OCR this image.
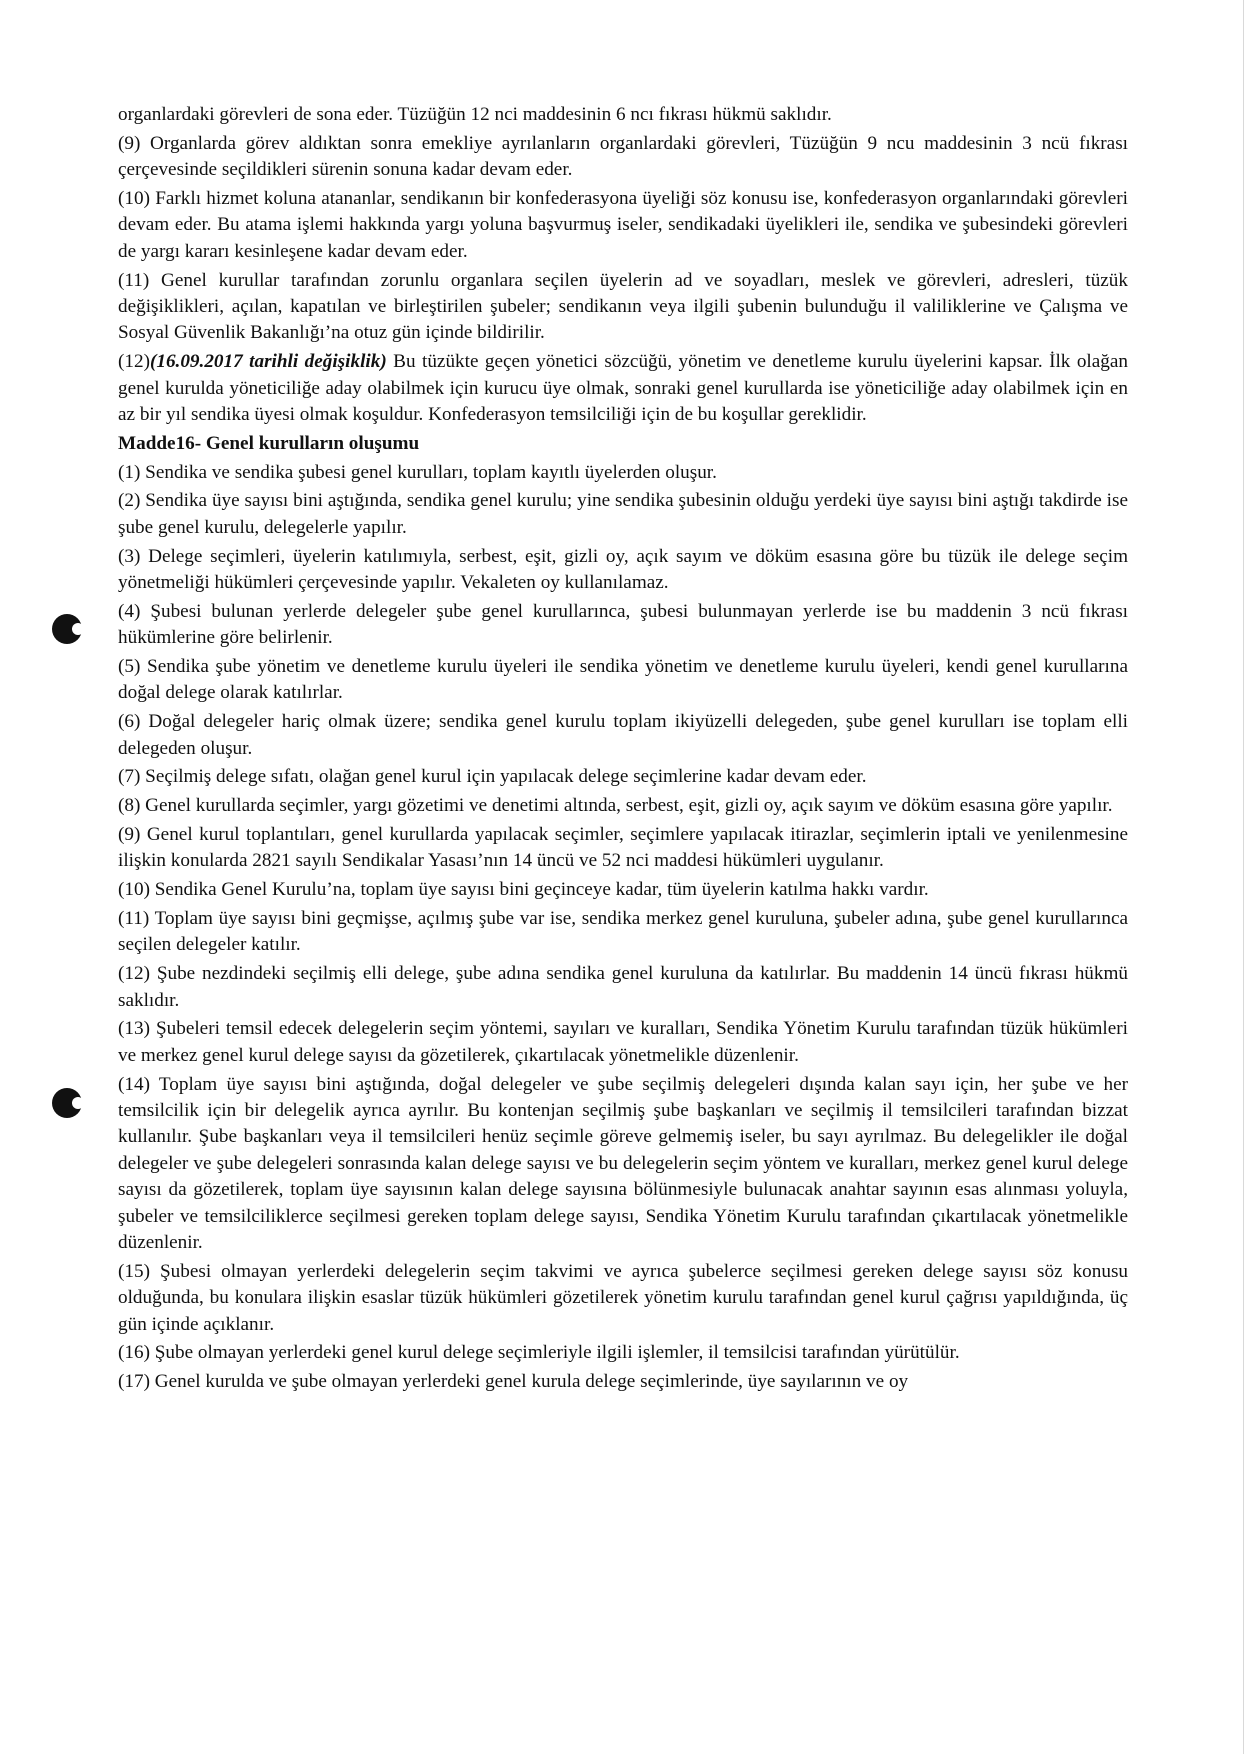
organlardaki görevleri de sona eder. Tüzüğün 12 nci maddesinin 6 ncı fıkrası hükmü saklıdır.

(9) Organlarda görev aldıktan sonra emekliye ayrılanların organlardaki görevleri, Tüzüğün 9 ncu maddesinin 3 ncü fıkrası çerçevesinde seçildikleri sürenin sonuna kadar devam eder.

(10) Farklı hizmet koluna atananlar, sendikanın bir konfederasyona üyeliği söz konusu ise, konfederasyon organlarındaki görevleri devam eder. Bu atama işlemi hakkında yargı yoluna başvurmuş iseler, sendikadaki üyelikleri ile, sendika ve şubesindeki görevleri de yargı kararı kesinleşene kadar devam eder.

(11) Genel kurullar tarafından zorunlu organlara seçilen üyelerin ad ve soyadları, meslek ve görevleri, adresleri, tüzük değişiklikleri, açılan, kapatılan ve birleştirilen şubeler; sendikanın veya ilgili şubenin bulunduğu il valiliklerine ve Çalışma ve Sosyal Güvenlik Bakanlığı’na otuz gün içinde bildirilir.

(12)(16.09.2017 tarihli değişiklik) Bu tüzükte geçen yönetici sözcüğü, yönetim ve denetleme kurulu üyelerini kapsar. İlk olağan genel kurulda yöneticiliğe aday olabilmek için kurucu üye olmak, sonraki genel kurullarda ise yöneticiliğe aday olabilmek için en az bir yıl sendika üyesi olmak koşuldur. Konfederasyon temsilciliği için de bu koşullar gereklidir.

Madde16- Genel kurulların oluşumu

(1) Sendika ve sendika şubesi genel kurulları, toplam kayıtlı üyelerden oluşur.

(2) Sendika üye sayısı bini aştığında, sendika genel kurulu; yine sendika şubesinin olduğu yerdeki üye sayısı bini aştığı takdirde ise şube genel kurulu, delegelerle yapılır.

(3) Delege seçimleri, üyelerin katılımıyla, serbest, eşit, gizli oy, açık sayım ve döküm esasına göre bu tüzük ile delege seçim yönetmeliği hükümleri çerçevesinde yapılır. Vekaleten oy kullanılamaz.

(4) Şubesi bulunan yerlerde delegeler şube genel kurullarınca, şubesi bulunmayan yerlerde ise bu maddenin 3 ncü fıkrası hükümlerine göre belirlenir.

(5) Sendika şube yönetim ve denetleme kurulu üyeleri ile sendika yönetim ve denetleme kurulu üyeleri, kendi genel kurullarına doğal delege olarak katılırlar.

(6) Doğal delegeler hariç olmak üzere; sendika genel kurulu toplam ikiyüzelli delegeden, şube genel kurulları ise toplam elli delegeden oluşur.

(7) Seçilmiş delege sıfatı, olağan genel kurul için yapılacak delege seçimlerine kadar devam eder.

(8) Genel kurullarda seçimler, yargı gözetimi ve denetimi altında, serbest, eşit, gizli oy, açık sayım ve döküm esasına göre yapılır.

(9) Genel kurul toplantıları, genel kurullarda yapılacak seçimler, seçimlere yapılacak itirazlar, seçimlerin iptali ve yenilenmesine ilişkin konularda 2821 sayılı Sendikalar Yasası’nın 14 üncü ve 52 nci maddesi hükümleri uygulanır.

(10) Sendika Genel Kurulu’na, toplam üye sayısı bini geçinceye kadar, tüm üyelerin katılma hakkı vardır.

(11) Toplam üye sayısı bini geçmişse, açılmış şube var ise, sendika merkez genel kuruluna, şubeler adına, şube genel kurullarınca seçilen delegeler katılır.

(12) Şube nezdindeki seçilmiş elli delege, şube adına sendika genel kuruluna da katılırlar. Bu maddenin 14 üncü fıkrası hükmü saklıdır.

(13) Şubeleri temsil edecek delegelerin seçim yöntemi, sayıları ve kuralları, Sendika Yönetim Kurulu tarafından tüzük hükümleri ve merkez genel kurul delege sayısı da gözetilerek, çıkartılacak yönetmelikle düzenlenir.

(14) Toplam üye sayısı bini aştığında, doğal delegeler ve şube seçilmiş delegeleri dışında kalan sayı için, her şube ve her temsilcilik için bir delegelik ayrıca ayrılır. Bu kontenjan seçilmiş şube başkanları ve seçilmiş il temsilcileri tarafından bizzat kullanılır. Şube başkanları veya il temsilcileri henüz seçimle göreve gelmemiş iseler, bu sayı ayrılmaz. Bu delegelikler ile doğal delegeler ve şube delegeleri sonrasında kalan delege sayısı ve bu delegelerin seçim yöntem ve kuralları, merkez genel kurul delege sayısı da gözetilerek, toplam üye sayısının kalan delege sayısına bölünmesiyle bulunacak anahtar sayının esas alınması yoluyla, şubeler ve temsilciliklerce seçilmesi gereken toplam delege sayısı, Sendika Yönetim Kurulu tarafından çıkartılacak yönetmelikle düzenlenir.

(15) Şubesi olmayan yerlerdeki delegelerin seçim takvimi ve ayrıca şubelerce seçilmesi gereken delege sayısı söz konusu olduğunda, bu konulara ilişkin esaslar tüzük hükümleri gözetilerek yönetim kurulu tarafından genel kurul çağrısı yapıldığında, üç gün içinde açıklanır.

(16) Şube olmayan yerlerdeki genel kurul delege seçimleriyle ilgili işlemler, il temsilcisi tarafından yürütülür.

(17) Genel kurulda ve şube olmayan yerlerdeki genel kurula delege seçimlerinde, üye sayılarının ve oy
